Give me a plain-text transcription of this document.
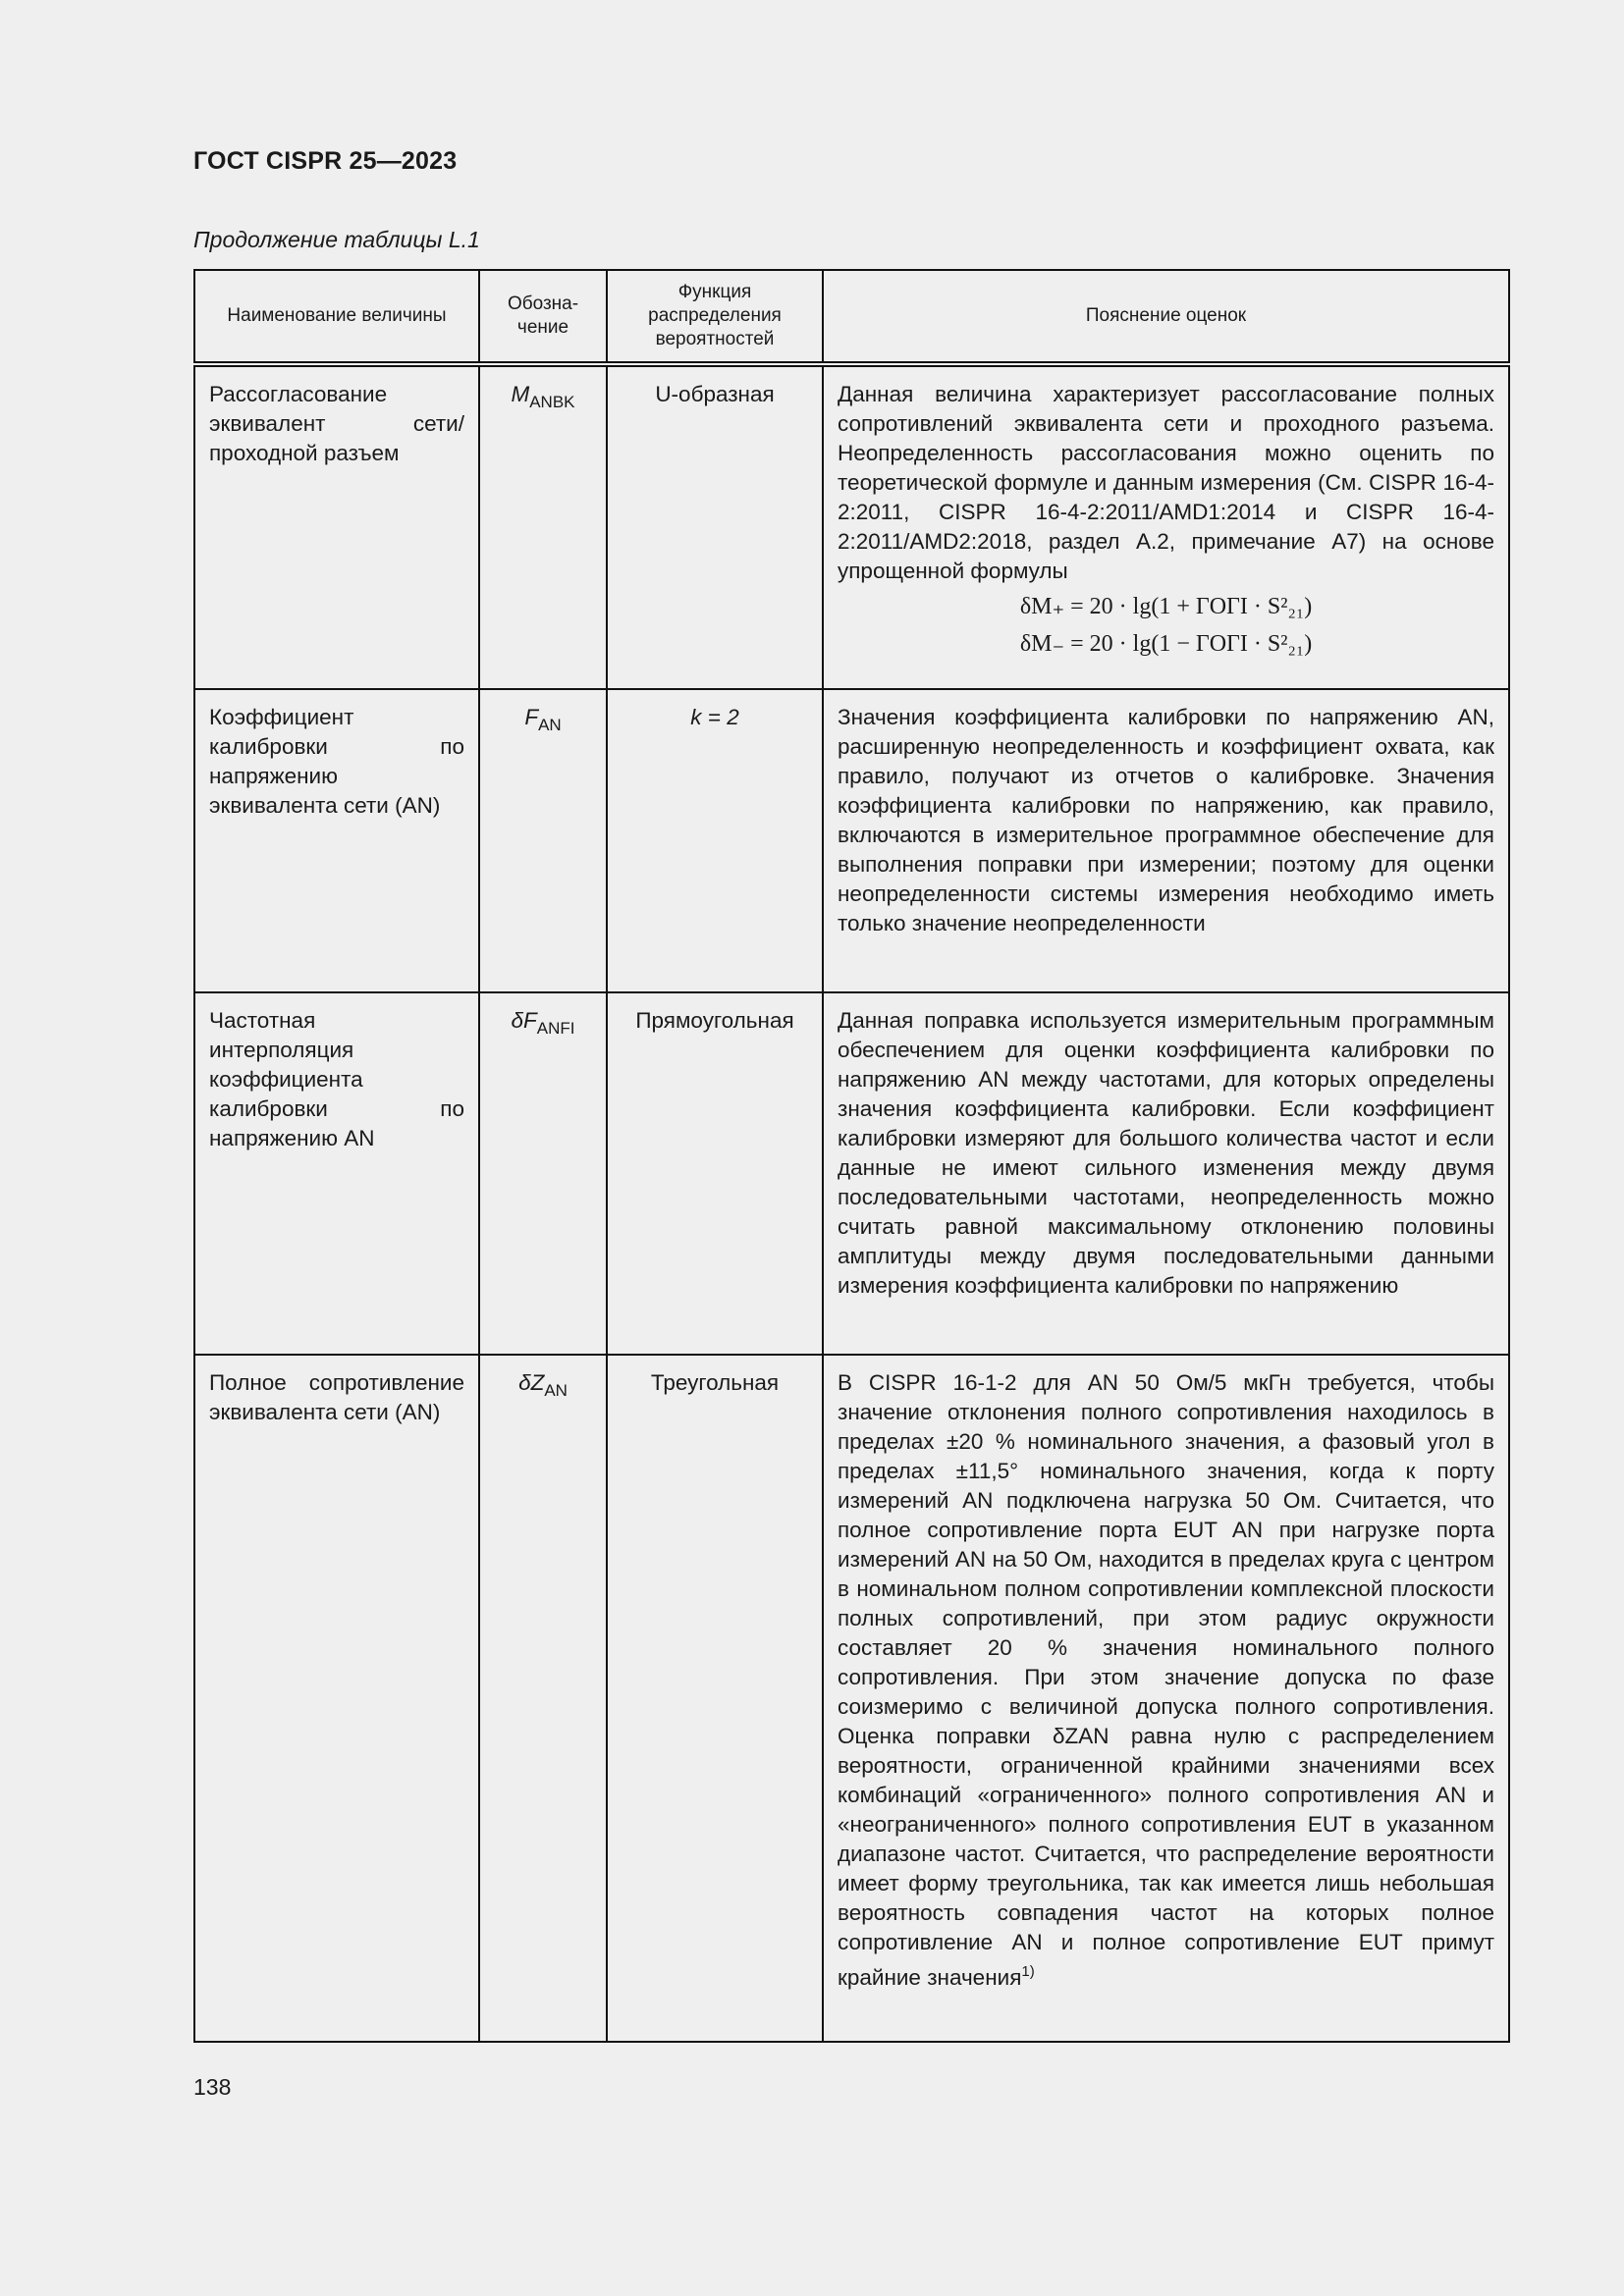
ГОСТ CISPR 25—2023
Продолжение таблицы L.1
Наименование величины	Обозна-чение	Функция распределения вероятностей	Пояснение оценок
Рассогласование эквивалент сети/проходной разъем	$M_{ANBK}$	U-образная	Данная величина характеризует рассогласование полных сопротивлений эквивалента сети и проходного разъема. Неопределенность рассогласования можно оценить по теоретической формуле и данным измерения (См. CISPR 16-4-2:2011, CISPR 16-4-2:2011/AMD1:2014 и CISPR 16-4-2:2011/AMD2:2018, раздел A.2, примечание A7) на основе упрощенной формулы

δM₊ = 20 · lg(1 + ΓOΓI · S²₂₁)
δM₋ = 20 · lg(1 − ΓOΓI · S²₂₁)

Коэффициент калибровки по напряжению эквивалента сети (AN)	$F_{AN}$	k = 2	Значения коэффициента калибровки по напряжению AN, расширенную неопределенность и коэффициент охвата, как правило, получают из отчетов о калибровке. Значения коэффициента калибровки по напряжению, как правило, включаются в измерительное программное обеспечение для выполнения поправки при измерении; поэтому для оценки неопределенности системы измерения необходимо иметь только значение неопределенности
Частотная интерполяция коэффициента калибровки по напряжению AN	$\delta F_{ANFI}$	Прямоугольная	Данная поправка используется измерительным программным обеспечением для оценки коэффициента калибровки по напряжению AN между частотами, для которых определены значения коэффициента калибровки. Если коэффициент калибровки измеряют для большого количества частот и если данные не имеют сильного изменения между двумя последовательными частотами, неопределенность можно считать равной максимальному отклонению половины амплитуды между двумя последовательными данными измерения коэффициента калибровки по напряжению
Полное сопротивление эквивалента сети (AN)	$\delta Z_{AN}$	Треугольная	В CISPR 16-1-2 для AN 50 Ом/5 мкГн требуется, чтобы значение отклонения полного сопротивления находилось в пределах ±20 % номинального значения, а фазовый угол в пределах ±11,5° номинального значения, когда к порту измерений AN подключена нагрузка 50 Ом. Считается, что полное сопротивление порта EUT AN при нагрузке порта измерений AN на 50 Ом, находится в пределах круга с центром в номинальном полном сопротивлении комплексной плоскости полных сопротивлений, при этом радиус окружности составляет 20 % значения номинального полного сопротивления. При этом значение допуска по фазе соизмеримо с величиной допуска полного сопротивления. Оценка поправки δZAN равна нулю с распределением вероятности, ограниченной крайними значениями всех комбинаций «ограниченного» полного сопротивления AN и «неограниченного» полного сопротивления EUT в указанном диапазоне частот. Считается, что распределение вероятности имеет форму треугольника, так как имеется лишь небольшая вероятность совпадения частот на которых полное сопротивление AN и полное сопротивление EUT примут крайние значения$^{1)}$
138
